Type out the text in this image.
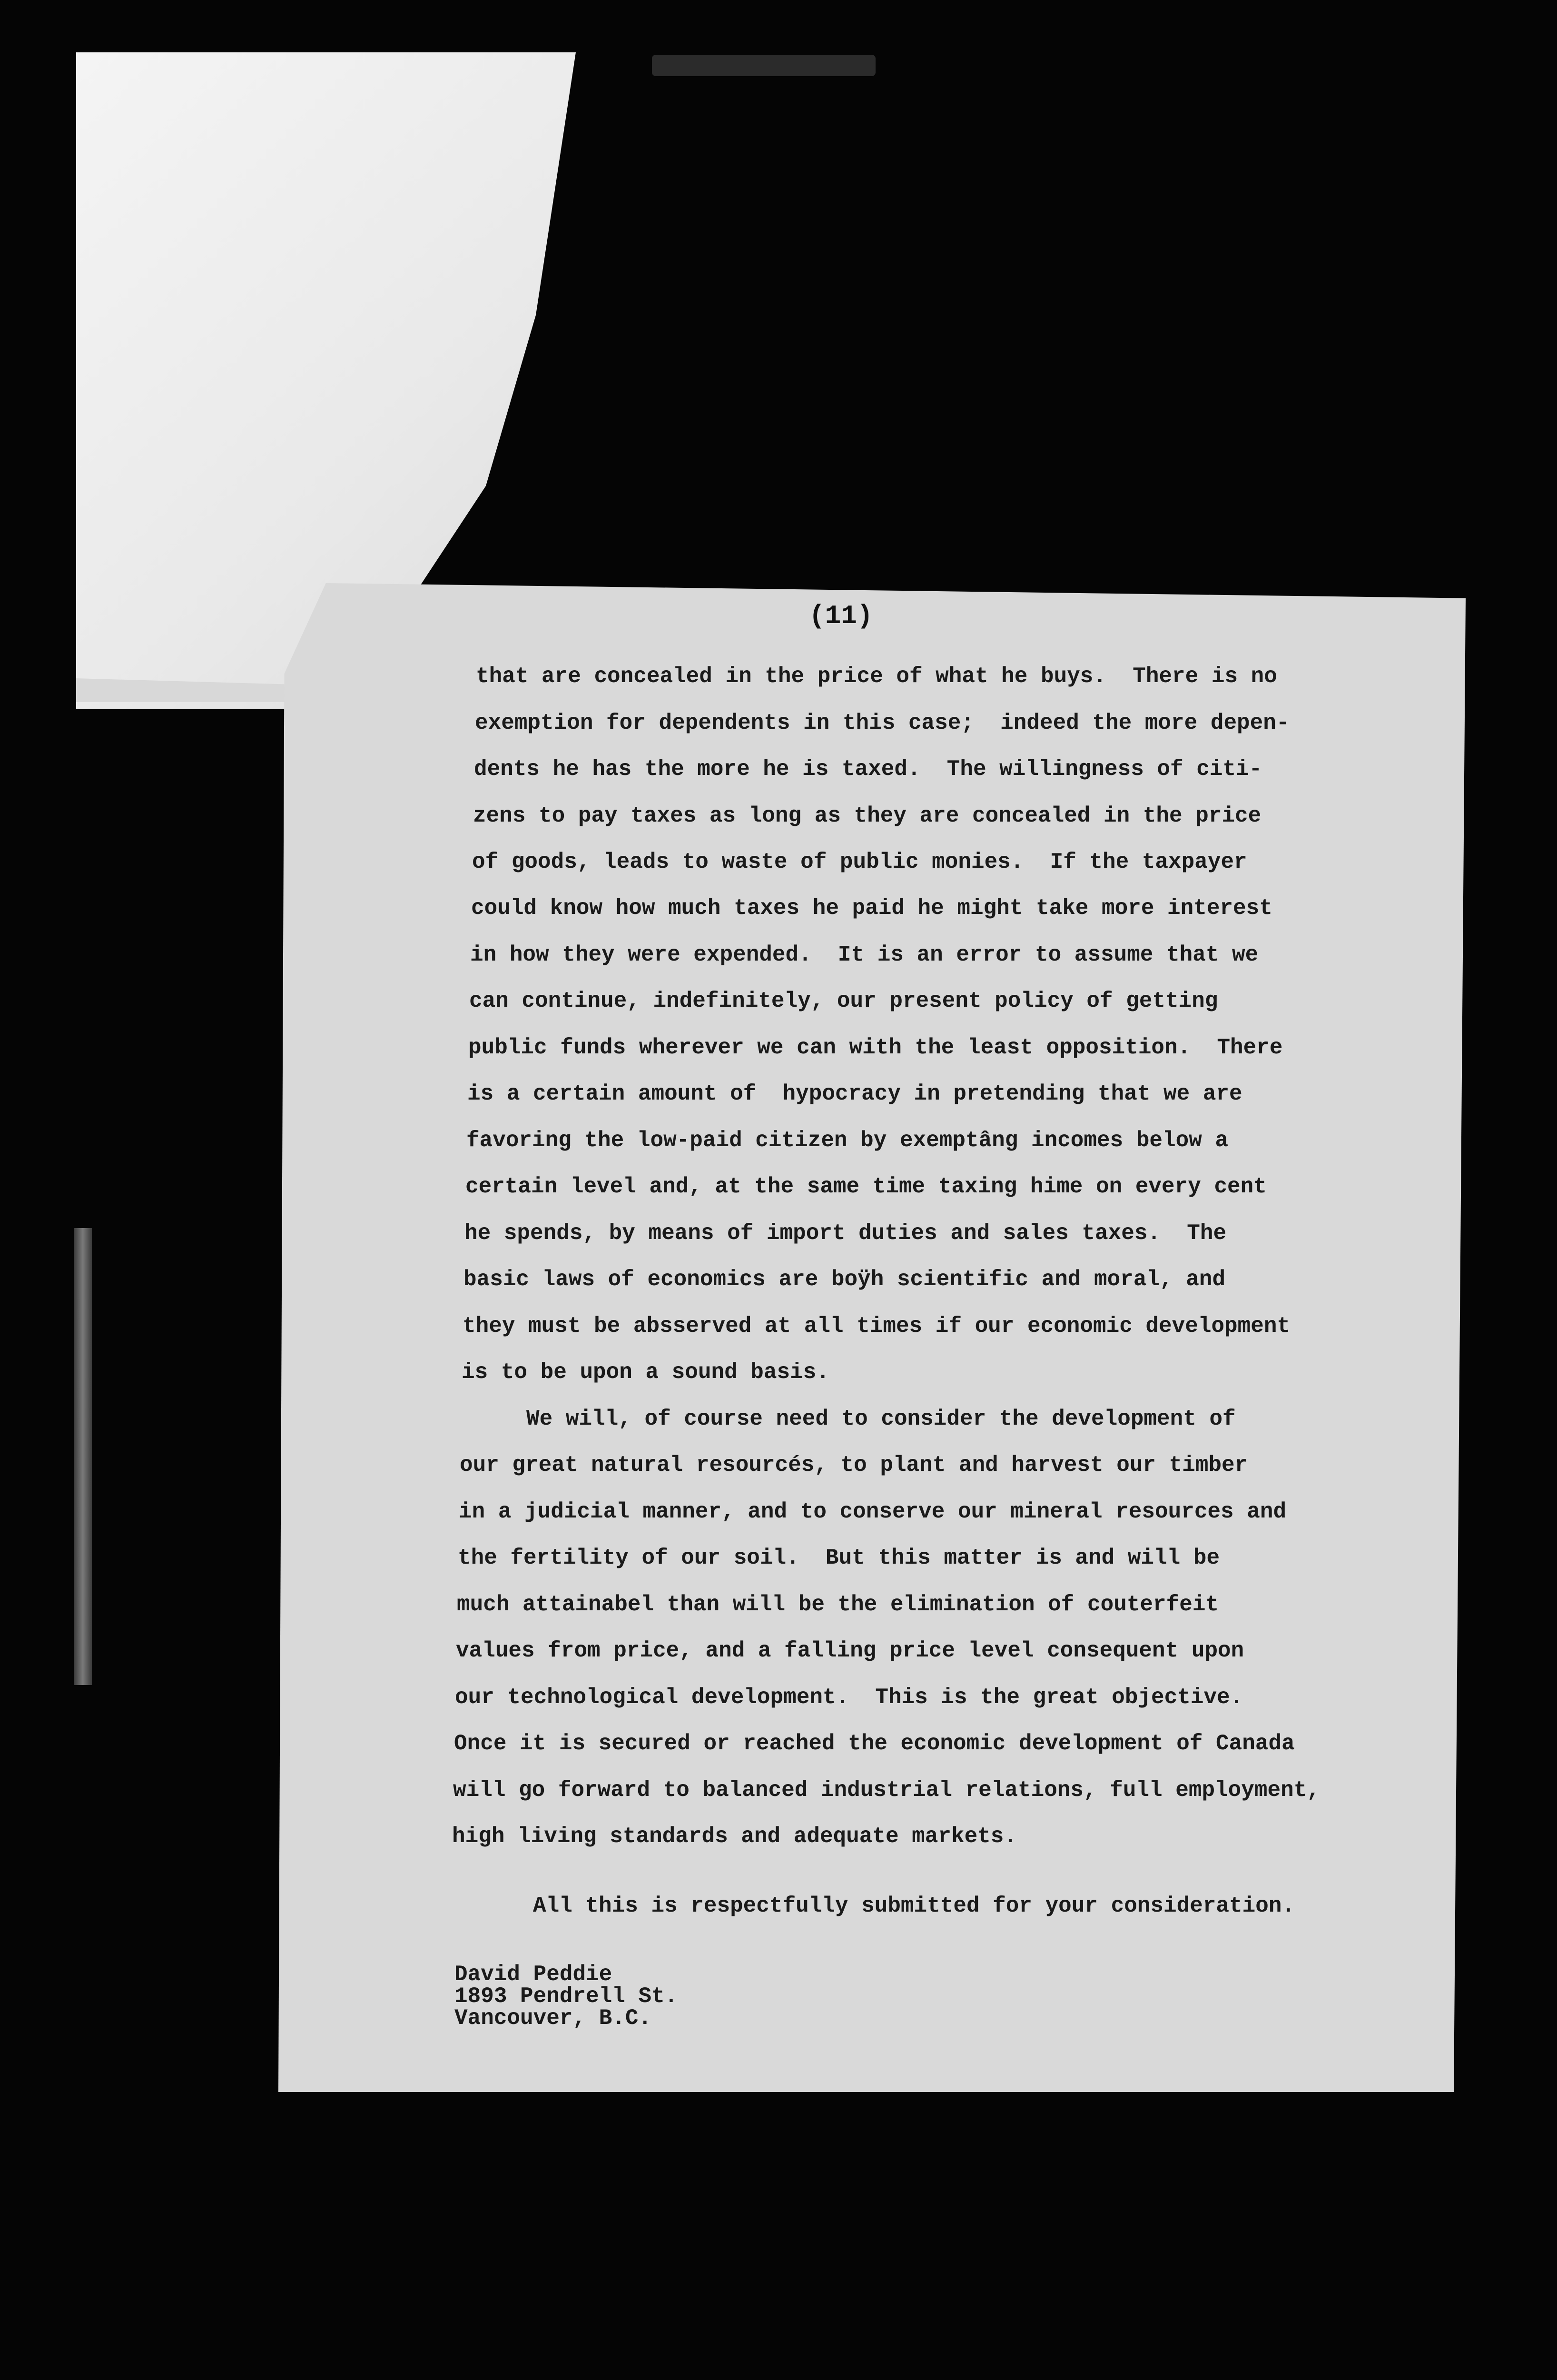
(11)

that are concealed in the price of what he buys.  There is no

exemption for dependents in this case;  indeed the more depen-

dents he has the more he is taxed.  The willingness of citi-

zens to pay taxes as long as they are concealed in the price

of goods, leads to waste of public monies.  If the taxpayer

could know how much taxes he paid he might take more interest

in how they were expended.  It is an error to assume that we

can continue, indefinitely, our present policy of getting

public funds wherever we can with the least opposition.  There

is a certain amount of  hypocracy in pretending that we are

favoring the low-paid citizen by exemptâng incomes below a

certain level and, at the same time taxing hime on every cent

he spends, by means of import duties and sales taxes.  The

basic laws of economics are boÿh scientific and moral, and

they must be absserved at all times if our economic development

is to be upon a sound basis.

We will, of course need to consider the development of

our great natural resourcés, to plant and harvest our timber

in a judicial manner, and to conserve our mineral resources and

the fertility of our soil.  But this matter is and will be

much attainabel than will be the elimination of couterfeit

values from price, and a falling price level consequent upon

our technological development.  This is the great objective.

Once it is secured or reached the economic development of Canada

will go forward to balanced industrial relations, full employment,

high living standards and adequate markets.

All this is respectfully submitted for your consideration.

David Peddie

1893 Pendrell St.

Vancouver, B.C.
